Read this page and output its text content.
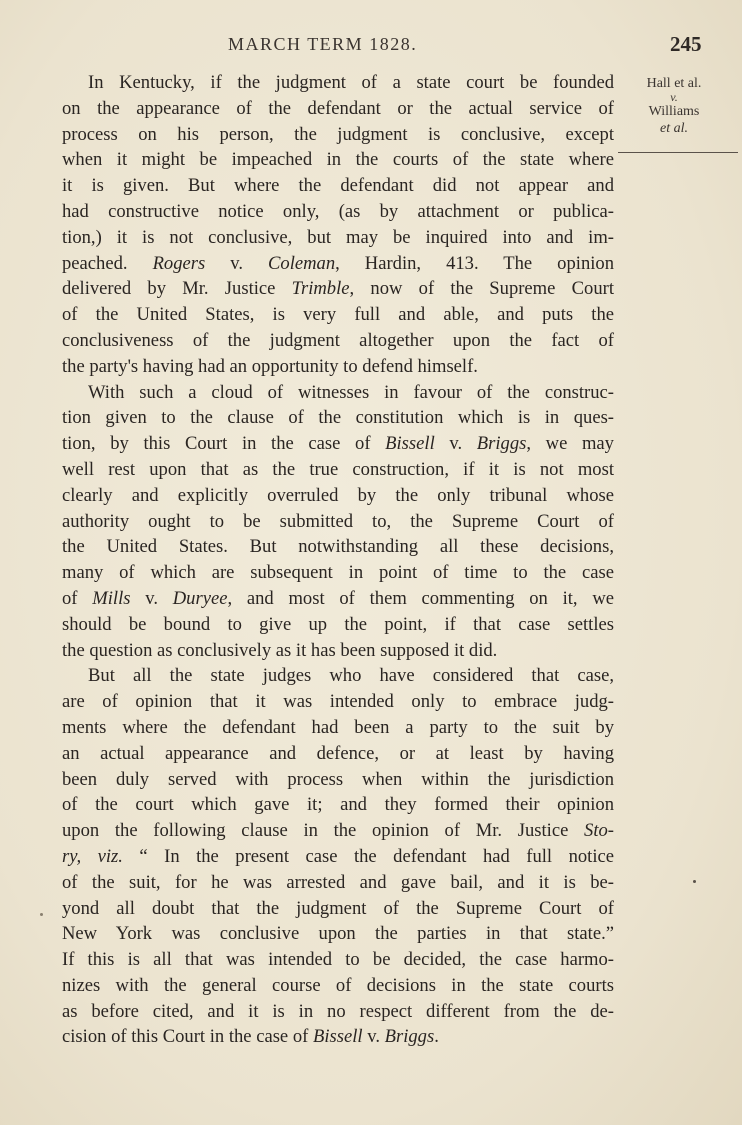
MARCH TERM 1828.	245
Hall et al.
v.
Williams
et al.
In Kentucky, if the judgment of a state court be founded
on the appearance of the defendant or the actual service of
process on his person, the judgment is conclusive, except
when it might be impeached in the courts of the state where
it is given. But where the defendant did not appear and
had constructive notice only, (as by attachment or publica-
tion,) it is not conclusive, but may be inquired into and im-
peached. Rogers v. Coleman, Hardin, 413. The opinion
delivered by Mr. Justice Trimble, now of the Supreme Court
of the United States, is very full and able, and puts the
conclusiveness of the judgment altogether upon the fact of
the party's having had an opportunity to defend himself.
With such a cloud of witnesses in favour of the construc-
tion given to the clause of the constitution which is in ques-
tion, by this Court in the case of Bissell v. Briggs, we may
well rest upon that as the true construction, if it is not most
clearly and explicitly overruled by the only tribunal whose
authority ought to be submitted to, the Supreme Court of
the United States. But notwithstanding all these decisions,
many of which are subsequent in point of time to the case
of Mills v. Duryee, and most of them commenting on it, we
should be bound to give up the point, if that case settles
the question as conclusively as it has been supposed it did.
But all the state judges who have considered that case,
are of opinion that it was intended only to embrace judg-
ments where the defendant had been a party to the suit by
an actual appearance and defence, or at least by having
been duly served with process when within the jurisdiction
of the court which gave it; and they formed their opinion
upon the following clause in the opinion of Mr. Justice Sto-
ry, viz. “ In the present case the defendant had full notice
of the suit, for he was arrested and gave bail, and it is be-
yond all doubt that the judgment of the Supreme Court of
New York was conclusive upon the parties in that state.”
If this is all that was intended to be decided, the case harmo-
nizes with the general course of decisions in the state courts
as before cited, and it is in no respect different from the de-
cision of this Court in the case of Bissell v. Briggs.
